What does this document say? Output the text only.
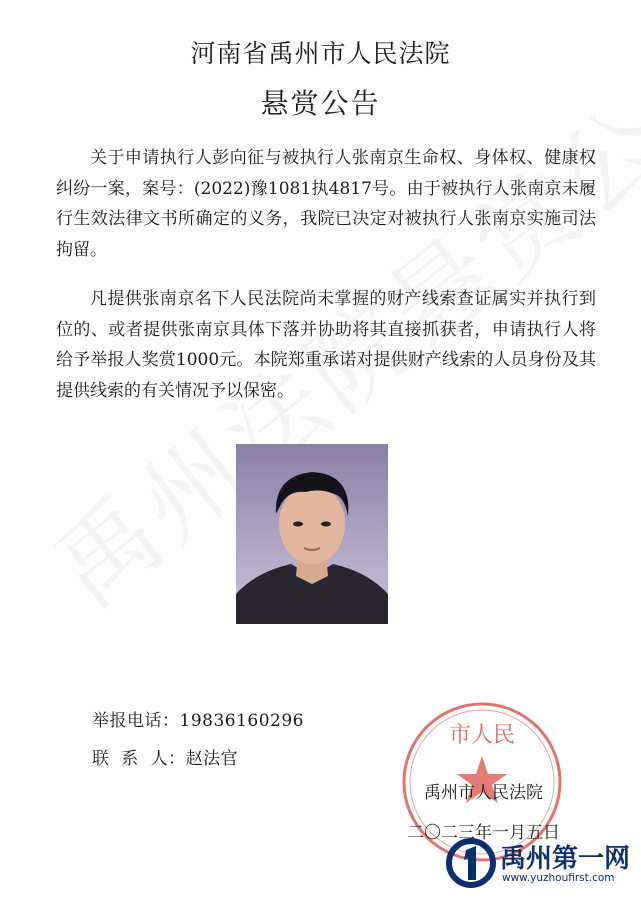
河南省禹州市人民法院
悬赏公告

关于申请执行人彭向征与被执行人张南京生命权、身体权、健康权纠纷一案，案号：(2022)豫1081执4817号。由于被执行人张南京未履行生效法律文书所确定的义务，我院已决定对被执行人张南京实施司法拘留。

凡提供张南京名下人民法院尚未掌握的财产线索查证属实并执行到位的、或者提供张南京具体下落并协助将其直接抓获者，申请执行人将给予举报人奖赏1000元。本院郑重承诺对提供财产线索的人员身份及其提供线索的有关情况予以保密。

举报电话：19836160296
联  系  人：赵法官
市人民
禹州市人民法院
二〇二三年一月五日
禹州第一网
www.yuzhoufirst.com
